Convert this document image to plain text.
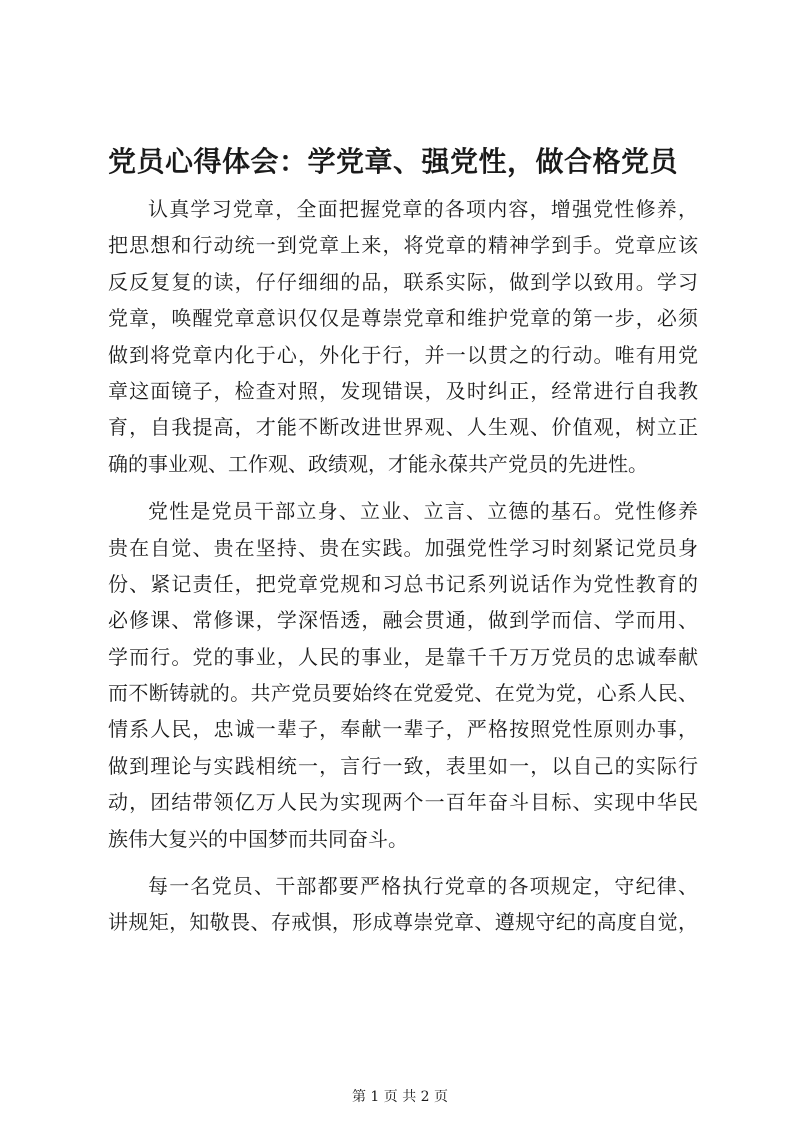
党员心得体会：学党章、强党性，做合格党员

认真学习党章，全面把握党章的各项内容，增强党性修养，
把思想和行动统一到党章上来，将党章的精神学到手。党章应该
反反复复的读，仔仔细细的品，联系实际，做到学以致用。学习
党章，唤醒党章意识仅仅是尊崇党章和维护党章的第一步，必须
做到将党章内化于心，外化于行，并一以贯之的行动。唯有用党
章这面镜子，检查对照，发现错误，及时纠正，经常进行自我教
育，自我提高，才能不断改进世界观、人生观、价值观，树立正
确的事业观、工作观、政绩观，才能永葆共产党员的先进性。

党性是党员干部立身、立业、立言、立德的基石。党性修养
贵在自觉、贵在坚持、贵在实践。加强党性学习时刻紧记党员身
份、紧记责任，把党章党规和习总书记系列说话作为党性教育的
必修课、常修课，学深悟透，融会贯通，做到学而信、学而用、
学而行。党的事业，人民的事业，是靠千千万万党员的忠诚奉献
而不断铸就的。共产党员要始终在党爱党、在党为党，心系人民、
情系人民，忠诚一辈子，奉献一辈子，严格按照党性原则办事，
做到理论与实践相统一，言行一致，表里如一，以自己的实际行
动，团结带领亿万人民为实现两个一百年奋斗目标、实现中华民
族伟大复兴的中国梦而共同奋斗。

每一名党员、干部都要严格执行党章的各项规定，守纪律、
讲规矩，知敬畏、存戒惧，形成尊崇党章、遵规守纪的高度自觉，

第 1 页 共 2 页
